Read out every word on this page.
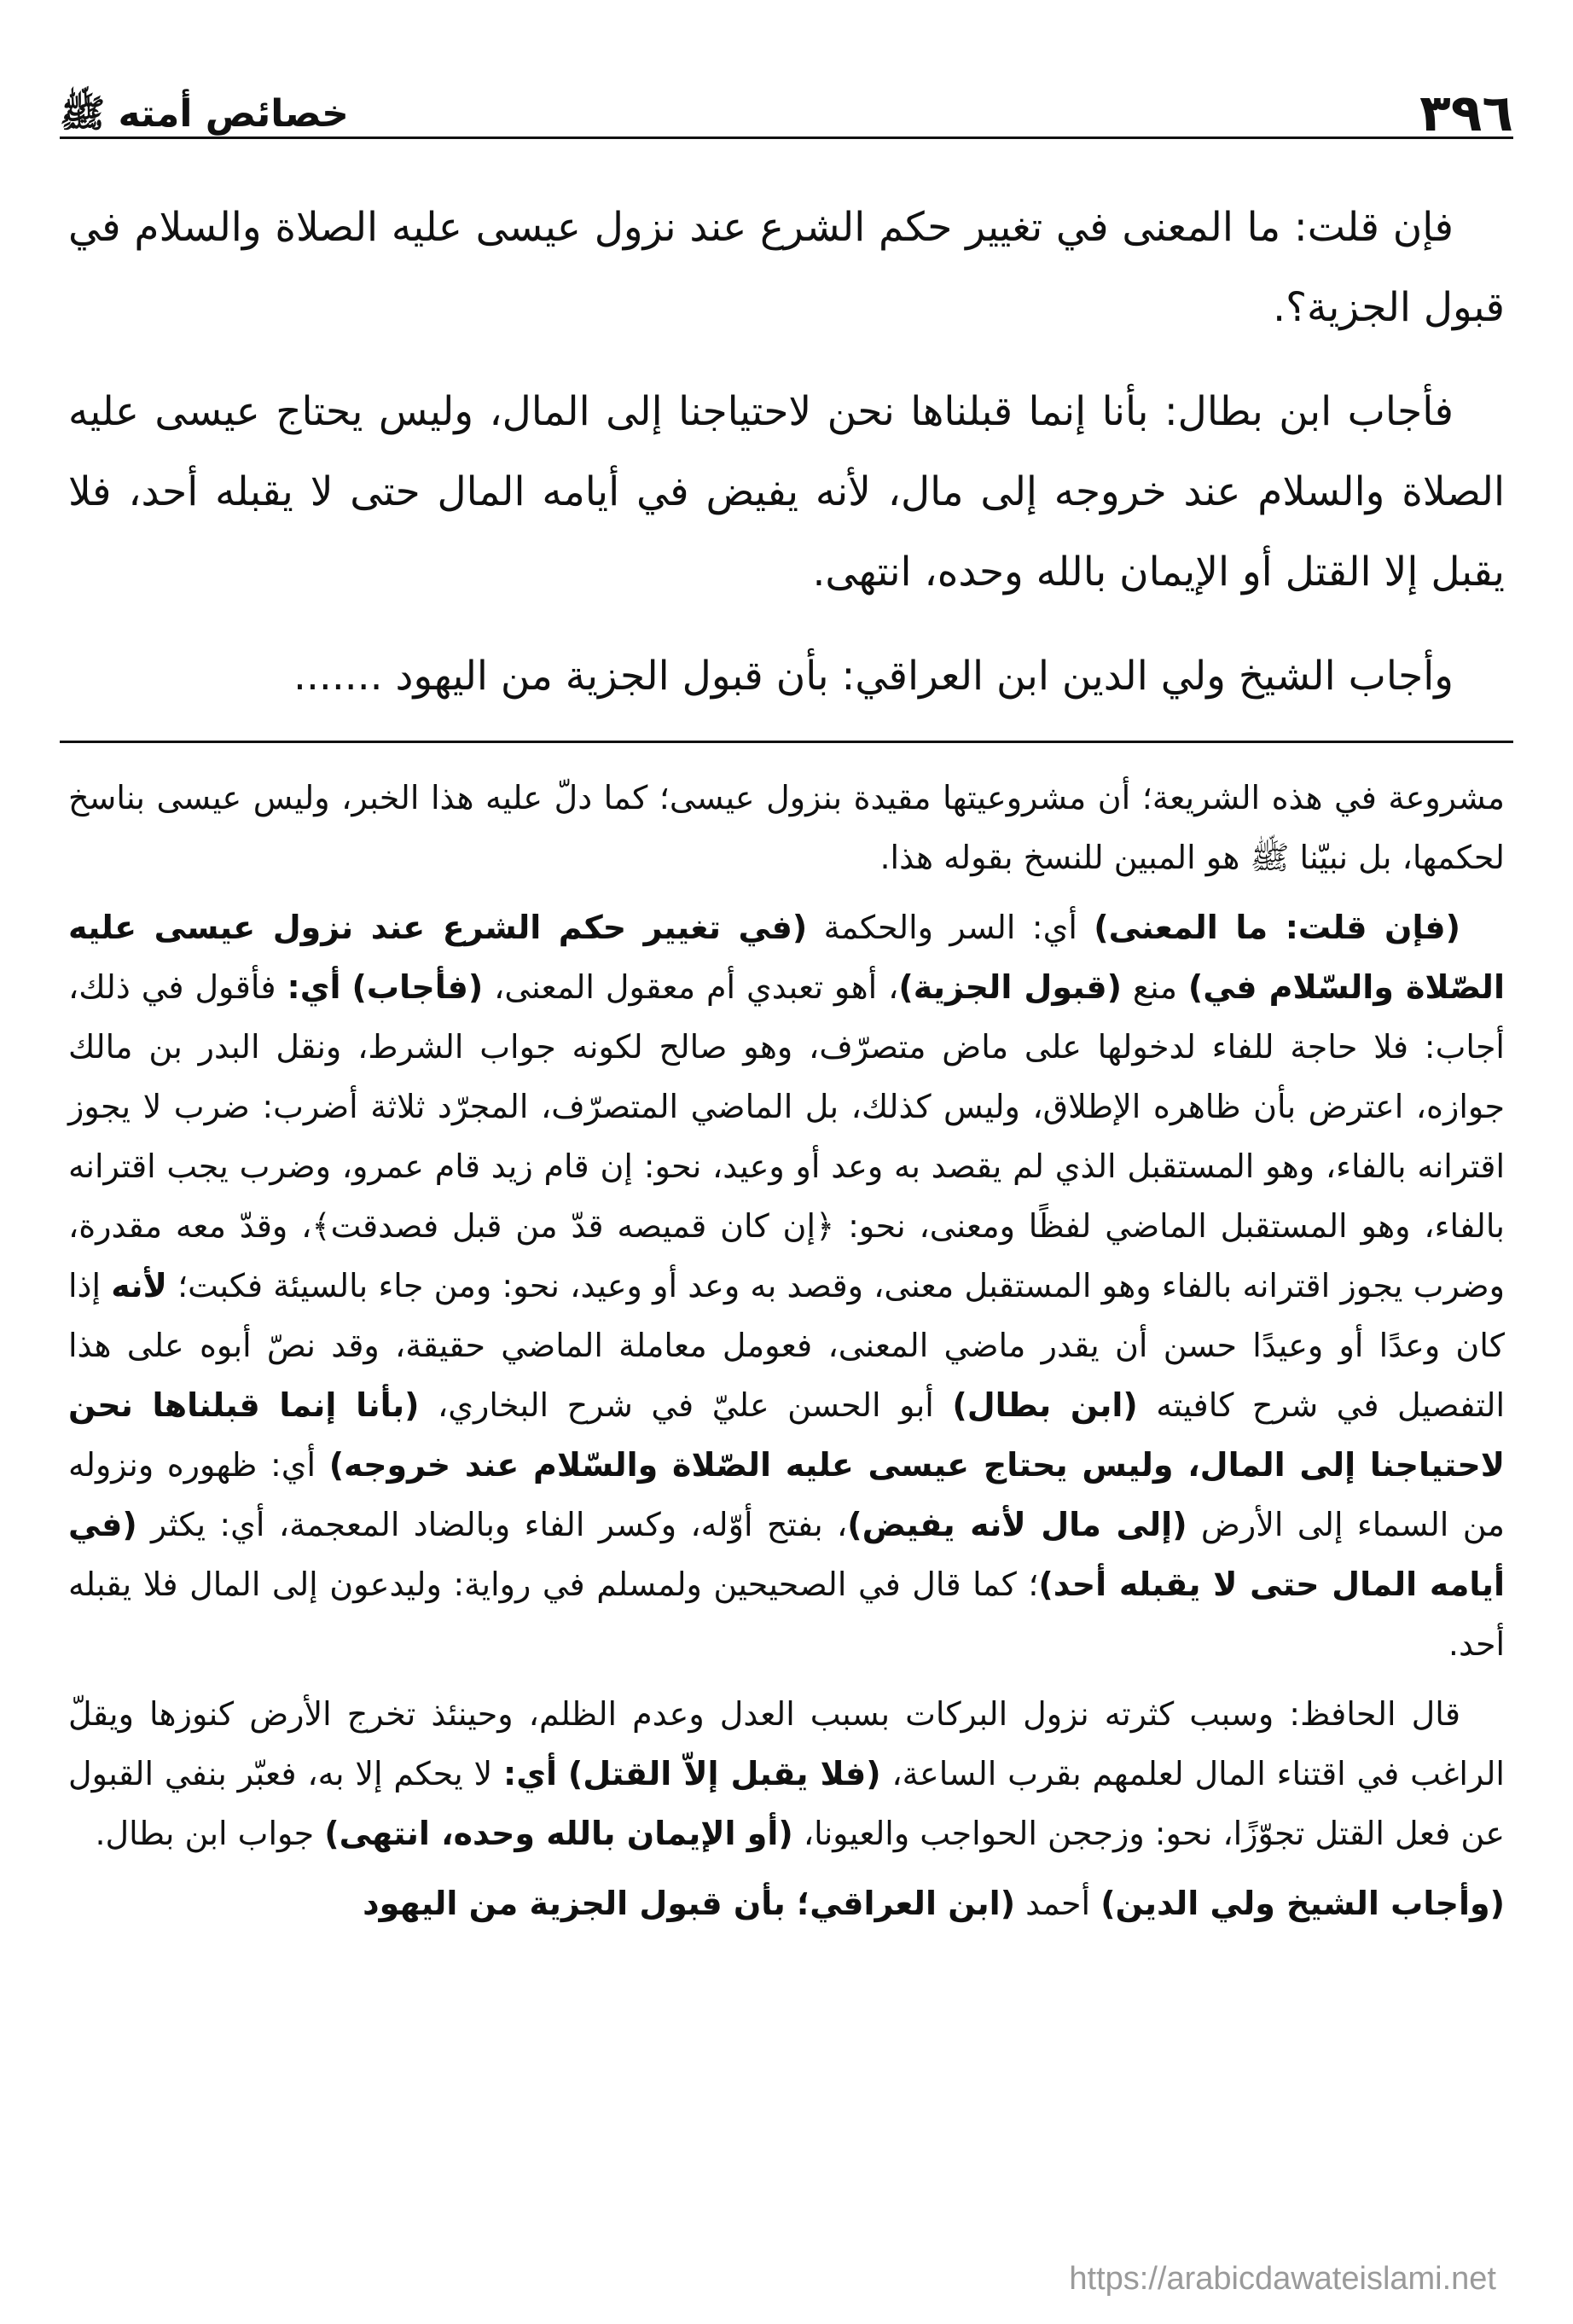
٣٩٦
خصائص أمته ﷺ

فإن قلت: ما المعنى في تغيير حكم الشرع عند نزول عيسى عليه الصلاة والسلام في قبول الجزية؟.

فأجاب ابن بطال: بأنا إنما قبلناها نحن لاحتياجنا إلى المال، وليس يحتاج عيسى عليه الصلاة والسلام عند خروجه إلى مال، لأنه يفيض في أيامه المال حتى لا يقبله أحد، فلا يقبل إلا القتل أو الإيمان بالله وحده، انتهى.

وأجاب الشيخ ولي الدين ابن العراقي: بأن قبول الجزية من اليهود .......

مشروعة في هذه الشريعة؛ أن مشروعيتها مقيدة بنزول عيسى؛ كما دلّ عليه هذا الخبر، وليس عيسى بناسخ لحكمها، بل نبيّنا ﷺ هو المبين للنسخ بقوله هذا.

(فإن قلت: ما المعنى) أي: السر والحكمة (في تغيير حكم الشرع عند نزول عيسى عليه الصّلاة والسّلام في) منع (قبول الجزية)، أهو تعبدي أم معقول المعنى، (فأجاب) أي: فأقول في ذلك، أجاب: فلا حاجة للفاء لدخولها على ماض متصرّف، وهو صالح لكونه جواب الشرط، ونقل البدر بن مالك جوازه، اعترض بأن ظاهره الإطلاق، وليس كذلك، بل الماضي المتصرّف، المجرّد ثلاثة أضرب: ضرب لا يجوز اقترانه بالفاء، وهو المستقبل الذي لم يقصد به وعد أو وعيد، نحو: إن قام زيد قام عمرو، وضرب يجب اقترانه بالفاء، وهو المستقبل الماضي لفظًا ومعنى، نحو: ﴿إن كان قميصه قدّ من قبل فصدقت﴾، وقدّ معه مقدرة، وضرب يجوز اقترانه بالفاء وهو المستقبل معنى، وقصد به وعد أو وعيد، نحو: ومن جاء بالسيئة فكبت؛ لأنه إذا كان وعدًا أو وعيدًا حسن أن يقدر ماضي المعنى، فعومل معاملة الماضي حقيقة، وقد نصّ أبوه على هذا التفصيل في شرح كافيته (ابن بطال) أبو الحسن عليّ في شرح البخاري، (بأنا إنما قبلناها نحن لاحتياجنا إلى المال، وليس يحتاج عيسى عليه الصّلاة والسّلام عند خروجه) أي: ظهوره ونزوله من السماء إلى الأرض (إلى مال لأنه يفيض)، بفتح أوّله، وكسر الفاء وبالضاد المعجمة، أي: يكثر (في أيامه المال حتى لا يقبله أحد)؛ كما قال في الصحيحين ولمسلم في رواية: وليدعون إلى المال فلا يقبله أحد.

قال الحافظ: وسبب كثرته نزول البركات بسبب العدل وعدم الظلم، وحينئذ تخرج الأرض كنوزها ويقلّ الراغب في اقتناء المال لعلمهم بقرب الساعة، (فلا يقبل إلاّ القتل) أي: لا يحكم إلا به، فعبّر بنفي القبول عن فعل القتل تجوّزًا، نحو: وزججن الحواجب والعيونا، (أو الإيمان بالله وحده، انتهى) جواب ابن بطال.

(وأجاب الشيخ ولي الدين) أحمد (ابن العراقي؛ بأن قبول الجزية من اليهود

https://arabicdawateislami.net
